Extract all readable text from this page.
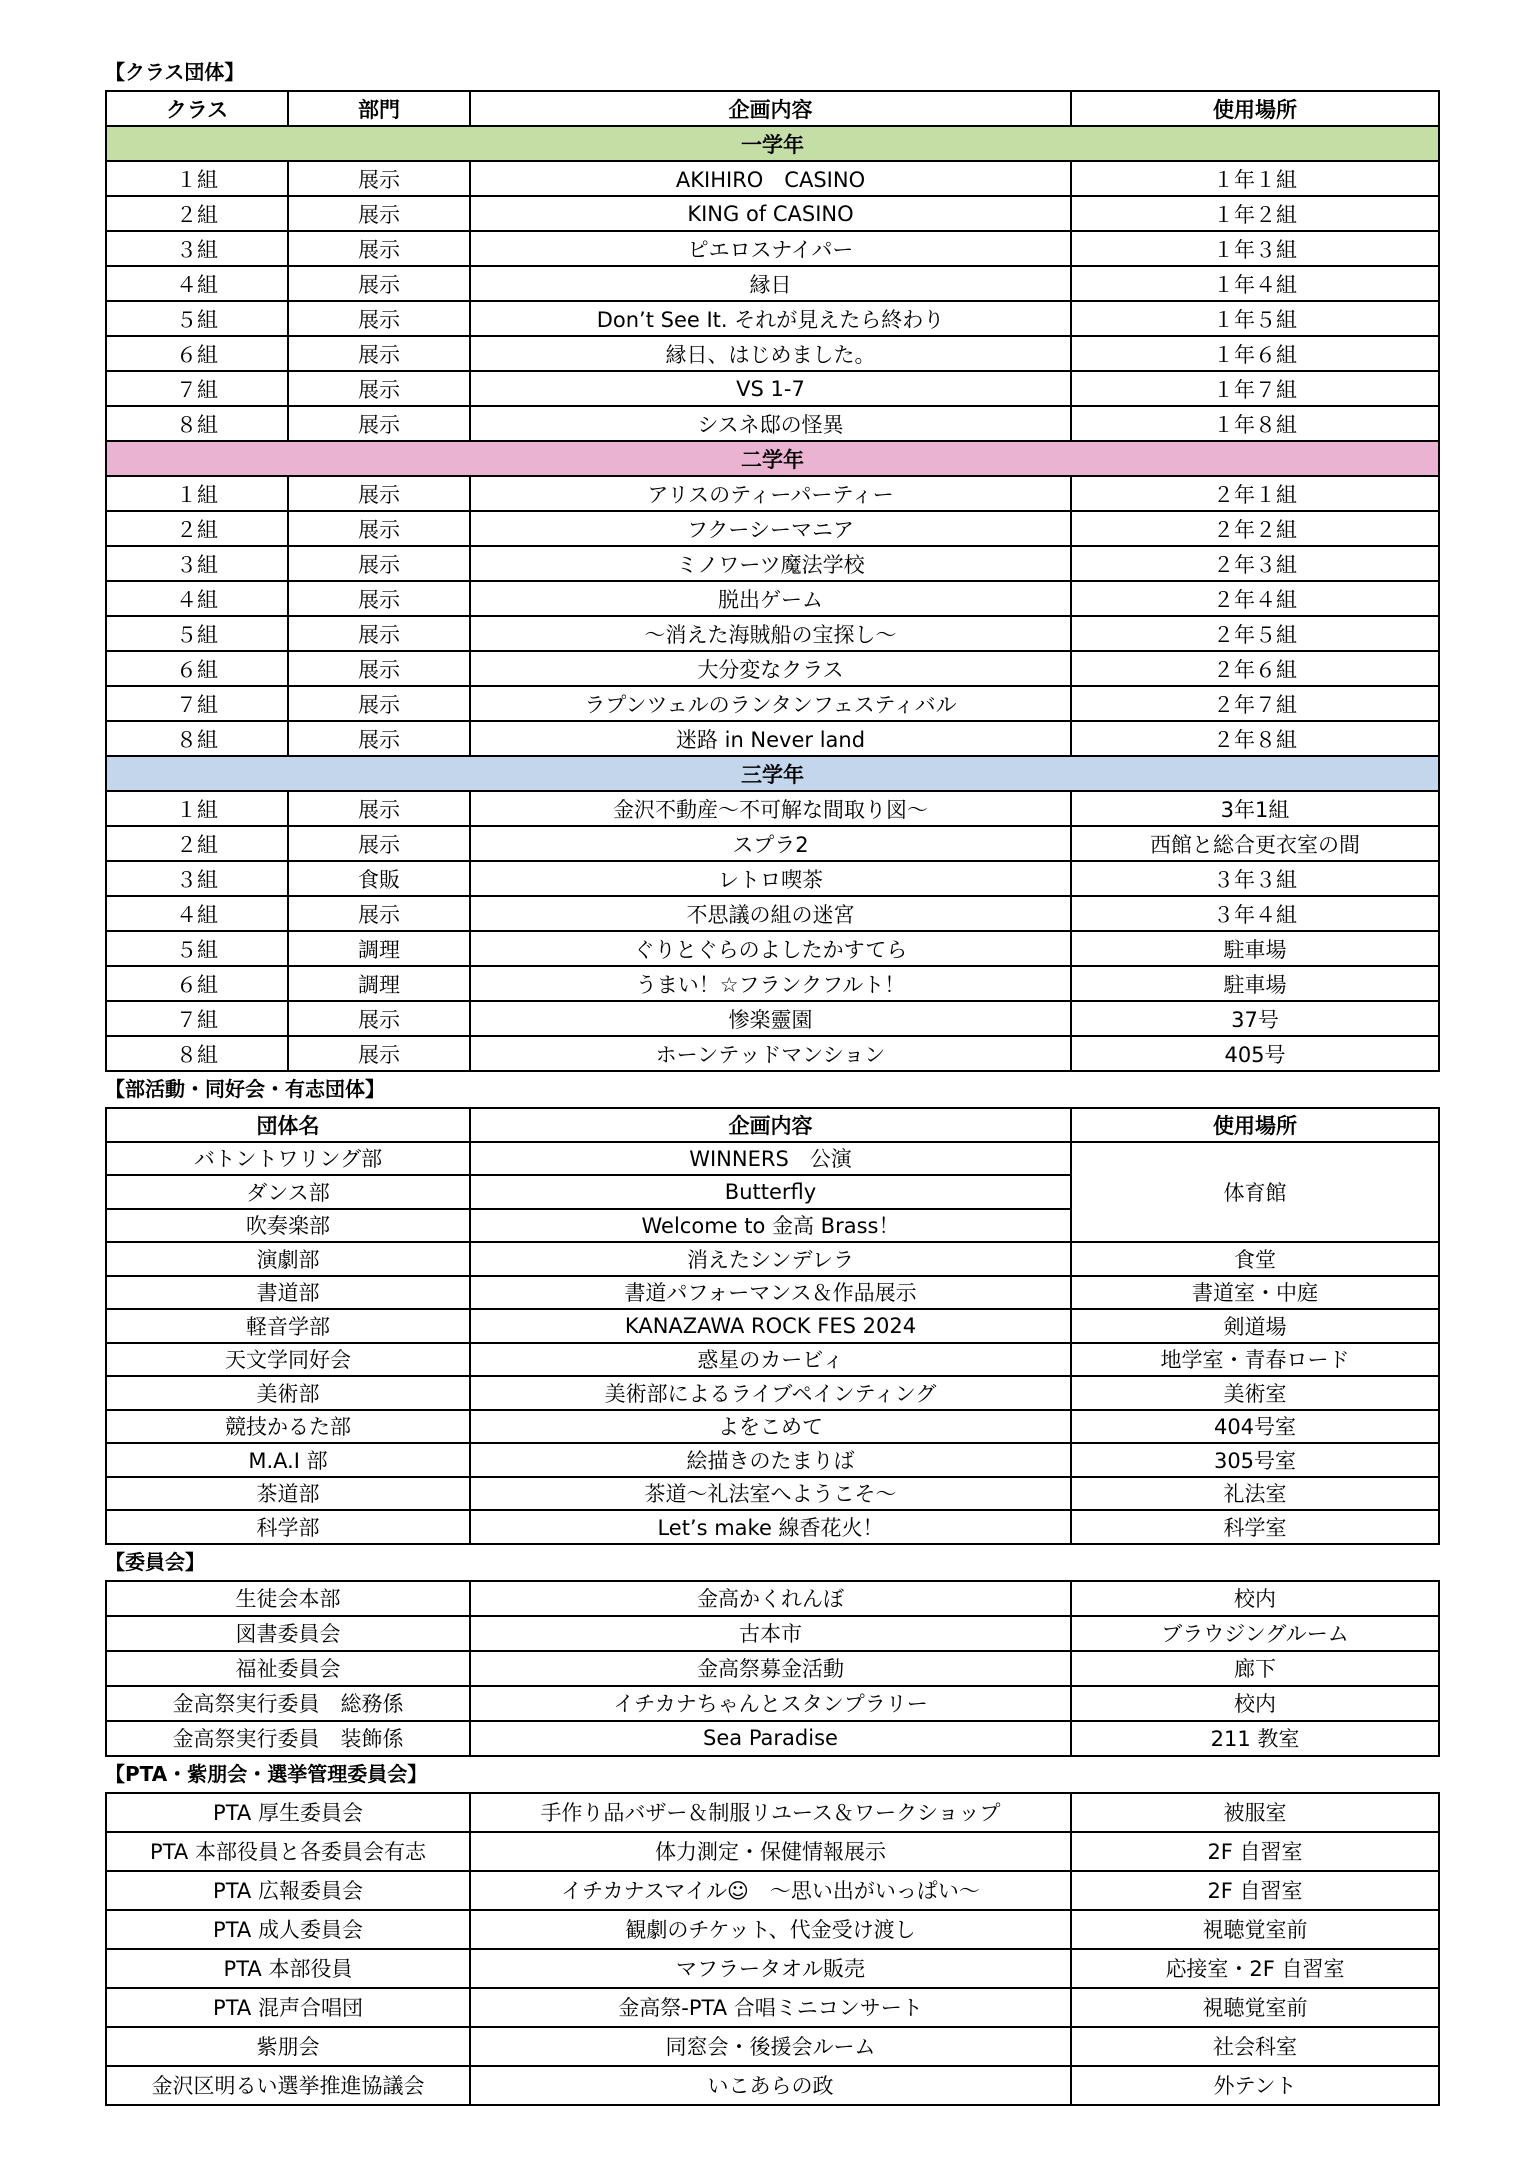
【クラス団体】
クラス	部門	企画内容	使用場所
一学年			
１組	展示	AKIHIRO　CASINO	１年１組
２組	展示	KING of CASINO	１年２組
３組	展示	ピエロスナイパー	１年３組
４組	展示	縁日	１年４組
５組	展示	Don’t See It. それが見えたら終わり	１年５組
６組	展示	縁日、はじめました。	１年６組
７組	展示	VS 1-7	１年７組
８組	展示	シスネ邸の怪異	１年８組
二学年			
１組	展示	アリスのティーパーティー	２年１組
２組	展示	フクーシーマニア	２年２組
３組	展示	ミノワーツ魔法学校	２年３組
４組	展示	脱出ゲーム	２年４組
５組	展示	～消えた海賊船の宝探し～	２年５組
６組	展示	大分変なクラス	２年６組
７組	展示	ラプンツェルのランタンフェスティバル	２年７組
８組	展示	迷路 in Never land	２年８組
三学年			
１組	展示	金沢不動産～不可解な間取り図～	3年1組
２組	展示	スプラ2	西館と総合更衣室の間
３組	食販	レトロ喫茶	３年３組
４組	展示	不思議の組の迷宮	３年４組
５組	調理	ぐりとぐらのよしたかすてら	駐車場
６組	調理	うまい！☆フランクフルト！	駐車場
７組	展示	惨楽靈園	37号
８組	展示	ホーンテッドマンション	405号
【部活動・同好会・有志団体】
団体名	企画内容	使用場所
バトントワリング部	WINNERS　公演	体育館
ダンス部	Butterfly	
吹奏楽部	Welcome to 金高 Brass！	
演劇部	消えたシンデレラ	食堂
書道部	書道パフォーマンス＆作品展示	書道室・中庭
軽音学部	KANAZAWA ROCK FES 2024	剣道場
天文学同好会	惑星のカービィ	地学室・青春ロード
美術部	美術部によるライブペインティング	美術室
競技かるた部	よをこめて	404号室
M.A.I 部	絵描きのたまりば	305号室
茶道部	茶道～礼法室へようこそ～	礼法室
科学部	Let’s make 線香花火！	科学室
【委員会】
生徒会本部	金高かくれんぼ	校内
図書委員会	古本市	ブラウジングルーム
福祉委員会	金高祭募金活動	廊下
金高祭実行委員　総務係	イチカナちゃんとスタンプラリー	校内
金高祭実行委員　装飾係	Sea Paradise	211 教室
【PTA・紫朋会・選挙管理委員会】
PTA 厚生委員会	手作り品バザー＆制服リユース＆ワークショップ	被服室
PTA 本部役員と各委員会有志	体力測定・保健情報展示	2F 自習室
PTA 広報委員会	イチカナスマイル☺　～思い出がいっぱい～	2F 自習室
PTA 成人委員会	観劇のチケット、代金受け渡し	視聴覚室前
PTA 本部役員	マフラータオル販売	応接室・2F 自習室
PTA 混声合唱団	金高祭-PTA 合唱ミニコンサート	視聴覚室前
紫朋会	同窓会・後援会ルーム	社会科室
金沢区明るい選挙推進協議会	いこあらの政	外テント
